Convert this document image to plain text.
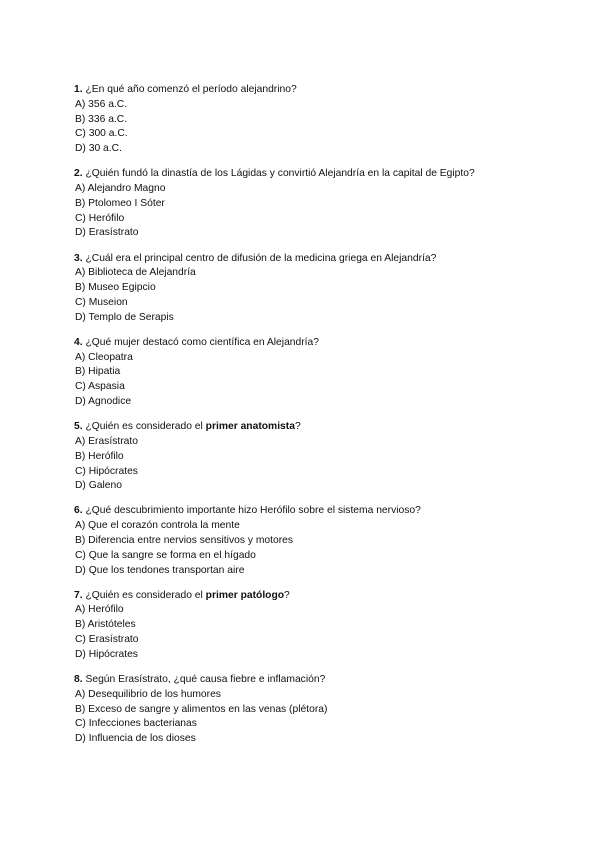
1. ¿En qué año comenzó el período alejandrino?
A) 356 a.C.
B) 336 a.C.
C) 300 a.C.
D) 30 a.C.
2. ¿Quién fundó la dinastía de los Lágidas y convirtió Alejandría en la capital de Egipto?
A) Alejandro Magno
B) Ptolomeo I Sóter
C) Herófilo
D) Erasístrato
3. ¿Cuál era el principal centro de difusión de la medicina griega en Alejandría?
A) Biblioteca de Alejandría
B) Museo Egipcio
C) Museion
D) Templo de Serapis
4. ¿Qué mujer destacó como científica en Alejandría?
A) Cleopatra
B) Hipatia
C) Aspasia
D) Agnodice
5. ¿Quién es considerado el primer anatomista?
A) Erasístrato
B) Herófilo
C) Hipócrates
D) Galeno
6. ¿Qué descubrimiento importante hizo Herófilo sobre el sistema nervioso?
A) Que el corazón controla la mente
B) Diferencia entre nervios sensitivos y motores
C) Que la sangre se forma en el hígado
D) Que los tendones transportan aire
7. ¿Quién es considerado el primer patólogo?
A) Herófilo
B) Aristóteles
C) Erasístrato
D) Hipócrates
8. Según Erasístrato, ¿qué causa fiebre e inflamación?
A) Desequilibrio de los humores
B) Exceso de sangre y alimentos en las venas (plétora)
C) Infecciones bacterianas
D) Influencia de los dioses
